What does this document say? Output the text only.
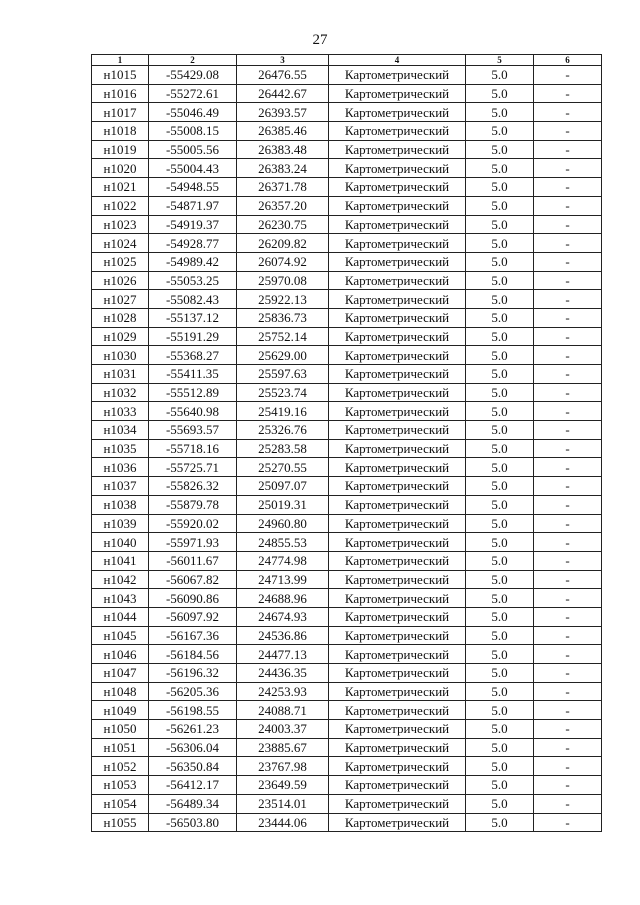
27
1	2	3	4	5	6
н1015	-55429.08	26476.55	Картометрический	5.0	-
н1016	-55272.61	26442.67	Картометрический	5.0	-
н1017	-55046.49	26393.57	Картометрический	5.0	-
н1018	-55008.15	26385.46	Картометрический	5.0	-
н1019	-55005.56	26383.48	Картометрический	5.0	-
н1020	-55004.43	26383.24	Картометрический	5.0	-
н1021	-54948.55	26371.78	Картометрический	5.0	-
н1022	-54871.97	26357.20	Картометрический	5.0	-
н1023	-54919.37	26230.75	Картометрический	5.0	-
н1024	-54928.77	26209.82	Картометрический	5.0	-
н1025	-54989.42	26074.92	Картометрический	5.0	-
н1026	-55053.25	25970.08	Картометрический	5.0	-
н1027	-55082.43	25922.13	Картометрический	5.0	-
н1028	-55137.12	25836.73	Картометрический	5.0	-
н1029	-55191.29	25752.14	Картометрический	5.0	-
н1030	-55368.27	25629.00	Картометрический	5.0	-
н1031	-55411.35	25597.63	Картометрический	5.0	-
н1032	-55512.89	25523.74	Картометрический	5.0	-
н1033	-55640.98	25419.16	Картометрический	5.0	-
н1034	-55693.57	25326.76	Картометрический	5.0	-
н1035	-55718.16	25283.58	Картометрический	5.0	-
н1036	-55725.71	25270.55	Картометрический	5.0	-
н1037	-55826.32	25097.07	Картометрический	5.0	-
н1038	-55879.78	25019.31	Картометрический	5.0	-
н1039	-55920.02	24960.80	Картометрический	5.0	-
н1040	-55971.93	24855.53	Картометрический	5.0	-
н1041	-56011.67	24774.98	Картометрический	5.0	-
н1042	-56067.82	24713.99	Картометрический	5.0	-
н1043	-56090.86	24688.96	Картометрический	5.0	-
н1044	-56097.92	24674.93	Картометрический	5.0	-
н1045	-56167.36	24536.86	Картометрический	5.0	-
н1046	-56184.56	24477.13	Картометрический	5.0	-
н1047	-56196.32	24436.35	Картометрический	5.0	-
н1048	-56205.36	24253.93	Картометрический	5.0	-
н1049	-56198.55	24088.71	Картометрический	5.0	-
н1050	-56261.23	24003.37	Картометрический	5.0	-
н1051	-56306.04	23885.67	Картометрический	5.0	-
н1052	-56350.84	23767.98	Картометрический	5.0	-
н1053	-56412.17	23649.59	Картометрический	5.0	-
н1054	-56489.34	23514.01	Картометрический	5.0	-
н1055	-56503.80	23444.06	Картометрический	5.0	-
